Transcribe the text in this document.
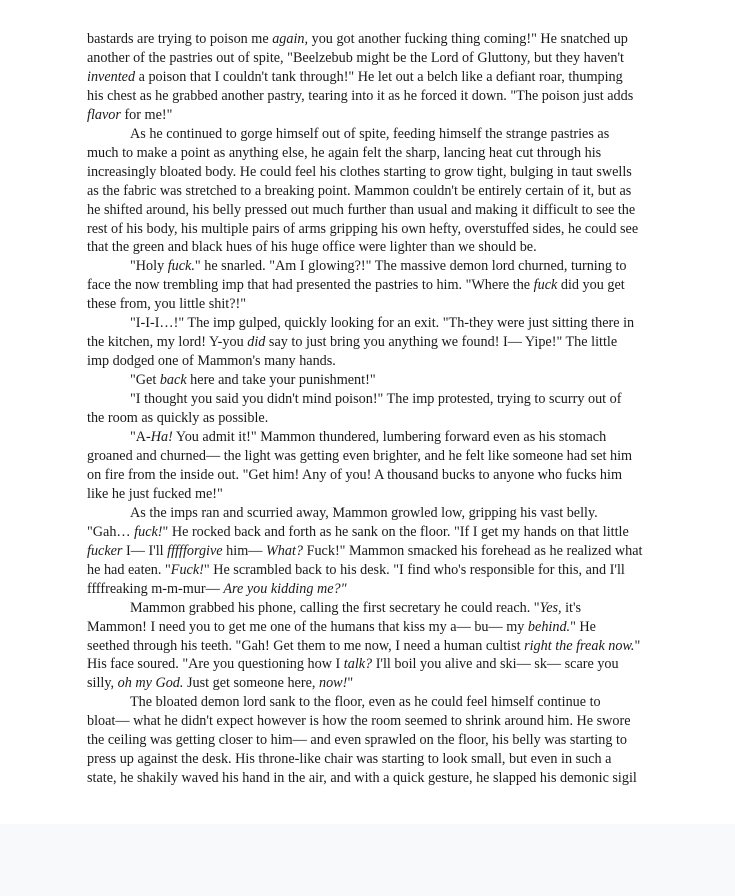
bastards are trying to poison me again, you got another fucking thing coming!" He snatched up
another of the pastries out of spite, "Beelzebub might be the Lord of Gluttony, but they haven't
invented a poison that I couldn't tank through!" He let out a belch like a defiant roar, thumping
his chest as he grabbed another pastry, tearing into it as he forced it down. "The poison just adds
flavor for me!"
As he continued to gorge himself out of spite, feeding himself the strange pastries as
much to make a point as anything else, he again felt the sharp, lancing heat cut through his
increasingly bloated body. He could feel his clothes starting to grow tight, bulging in taut swells
as the fabric was stretched to a breaking point. Mammon couldn't be entirely certain of it, but as
he shifted around, his belly pressed out much further than usual and making it difficult to see the
rest of his body, his multiple pairs of arms gripping his own hefty, overstuffed sides, he could see
that the green and black hues of his huge office were lighter than we should be.
"Holy fuck." he snarled. "Am I glowing?!" The massive demon lord churned, turning to
face the now trembling imp that had presented the pastries to him. "Where the fuck did you get
these from, you little shit?!"
"I-I-I…!" The imp gulped, quickly looking for an exit. "Th-they were just sitting there in
the kitchen, my lord! Y-you did say to just bring you anything we found! I— Yipe!" The little
imp dodged one of Mammon's many hands.
"Get back here and take your punishment!"
"I thought you said you didn't mind poison!" The imp protested, trying to scurry out of
the room as quickly as possible.
"A-Ha! You admit it!" Mammon thundered, lumbering forward even as his stomach
groaned and churned— the light was getting even brighter, and he felt like someone had set him
on fire from the inside out. "Get him! Any of you! A thousand bucks to anyone who fucks him
like he just fucked me!"
As the imps ran and scurried away, Mammon growled low, gripping his vast belly.
"Gah… fuck!" He rocked back and forth as he sank on the floor. "If I get my hands on that little
fucker I— I'll ffffforgive him— What? Fuck!" Mammon smacked his forehead as he realized what
he had eaten. "Fuck!" He scrambled back to his desk. "I find who's responsible for this, and I'll
ffffreaking m-m-mur— Are you kidding me?"
Mammon grabbed his phone, calling the first secretary he could reach. "Yes, it's
Mammon! I need you to get me one of the humans that kiss my a— bu— my behind." He
seethed through his teeth. "Gah! Get them to me now, I need a human cultist right the freak now."
His face soured. "Are you questioning how I talk? I'll boil you alive and ski— sk— scare you
silly, oh my God. Just get someone here, now!"
The bloated demon lord sank to the floor, even as he could feel himself continue to
bloat— what he didn't expect however is how the room seemed to shrink around him. He swore
the ceiling was getting closer to him— and even sprawled on the floor, his belly was starting to
press up against the desk. His throne-like chair was starting to look small, but even in such a
state, he shakily waved his hand in the air, and with a quick gesture, he slapped his demonic sigil
